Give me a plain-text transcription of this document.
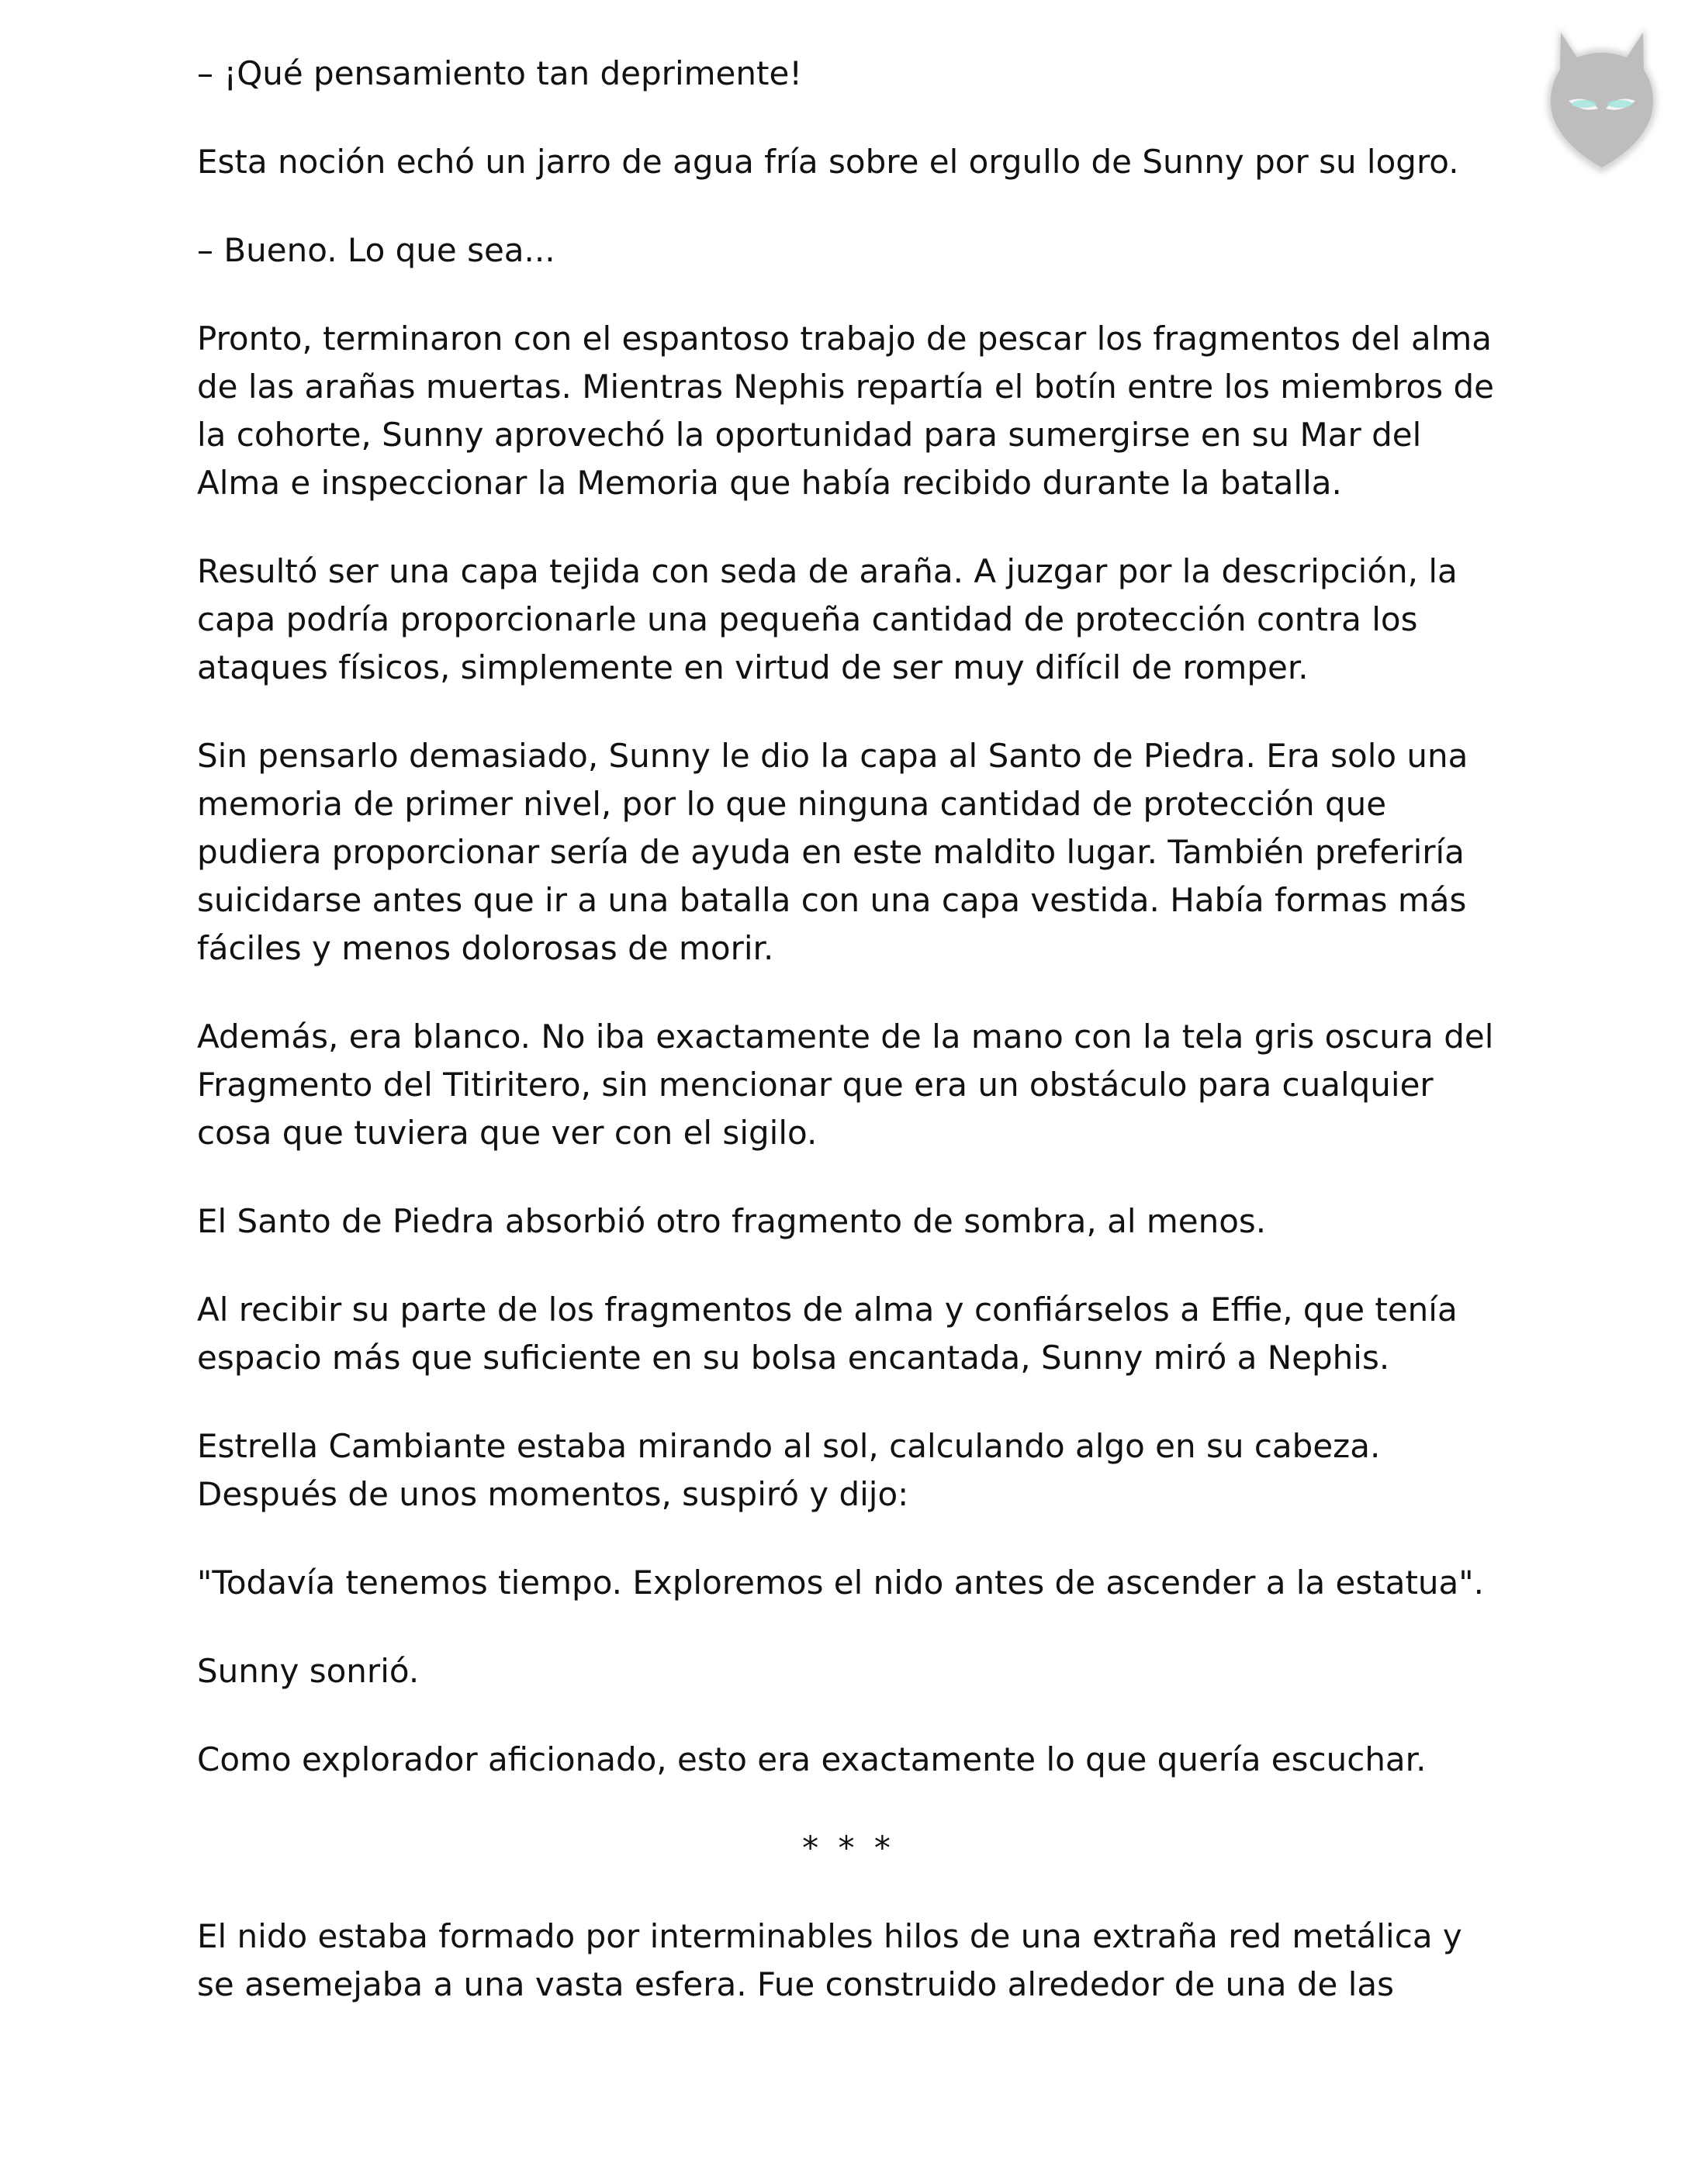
– ¡Qué pensamiento tan deprimente!

Esta noción echó un jarro de agua fría sobre el orgullo de Sunny por su logro.

– Bueno. Lo que sea...

Pronto, terminaron con el espantoso trabajo de pescar los fragmentos del alma de las arañas muertas. Mientras Nephis repartía el botín entre los miembros de la cohorte, Sunny aprovechó la oportunidad para sumergirse en su Mar del Alma e inspeccionar la Memoria que había recibido durante la batalla.

Resultó ser una capa tejida con seda de araña. A juzgar por la descripción, la capa podría proporcionarle una pequeña cantidad de protección contra los ataques físicos, simplemente en virtud de ser muy difícil de romper.

Sin pensarlo demasiado, Sunny le dio la capa al Santo de Piedra. Era solo una memoria de primer nivel, por lo que ninguna cantidad de protección que pudiera proporcionar sería de ayuda en este maldito lugar. También preferiría suicidarse antes que ir a una batalla con una capa vestida. Había formas más fáciles y menos dolorosas de morir.

Además, era blanco. No iba exactamente de la mano con la tela gris oscura del Fragmento del Titiritero, sin mencionar que era un obstáculo para cualquier cosa que tuviera que ver con el sigilo.

El Santo de Piedra absorbió otro fragmento de sombra, al menos.

Al recibir su parte de los fragmentos de alma y confiárselos a Effie, que tenía espacio más que suficiente en su bolsa encantada, Sunny miró a Nephis.

Estrella Cambiante estaba mirando al sol, calculando algo en su cabeza.

Después de unos momentos, suspiró y dijo:

"Todavía tenemos tiempo. Exploremos el nido antes de ascender a la estatua".

Sunny sonrió.

Como explorador aficionado, esto era exactamente lo que quería escuchar.

* * *

El nido estaba formado por interminables hilos de una extraña red metálica y se asemejaba a una vasta esfera. Fue construido alrededor de una de las
